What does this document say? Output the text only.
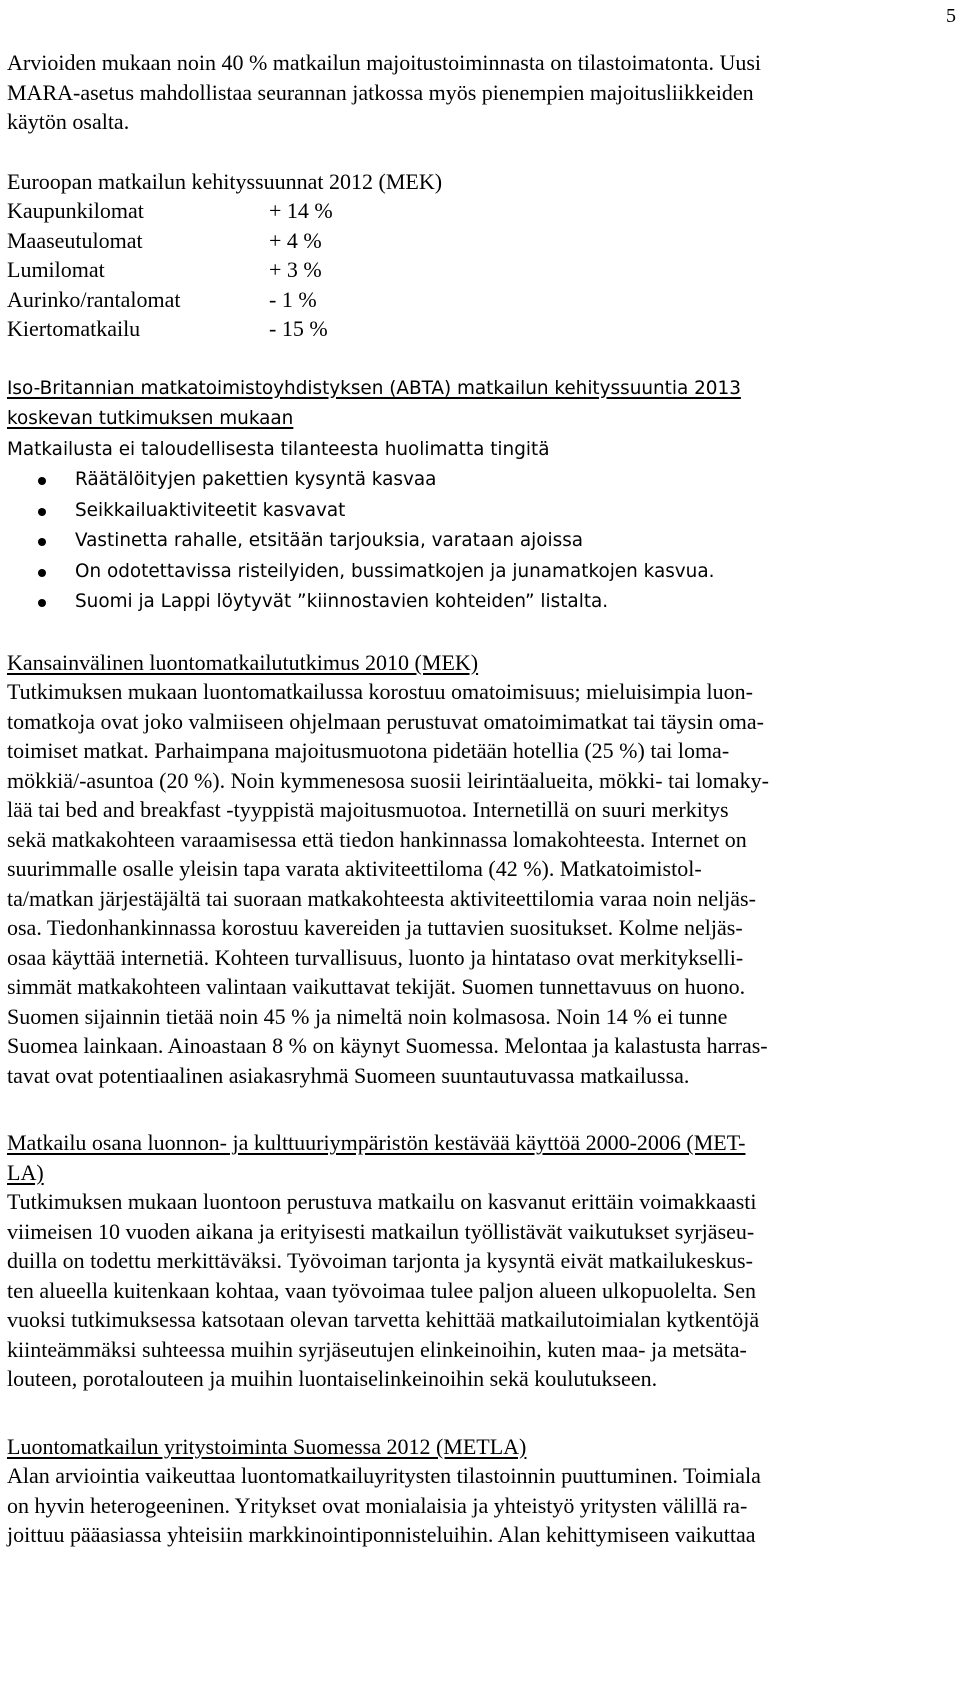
5
Arvioiden mukaan noin 40 % matkailun majoitustoiminnasta on tilastoimatonta. Uusi
MARA-asetus mahdollistaa seurannan jatkossa myös pienempien majoitusliikkeiden
käytön osalta.
Euroopan matkailun kehityssuunnat 2012 (MEK)
Kaupunkilomat	+ 14 %
Maaseutulomat	+ 4 %
Lumilomat	+ 3 %
Aurinko/rantalomat	- 1 %
Kiertomatkailu	- 15 %
Iso-Britannian matkatoimistoyhdistyksen (ABTA) matkailun kehityssuuntia 2013
koskevan tutkimuksen mukaan
Matkailusta ei taloudellisesta tilanteesta huolimatta tingitä
Räätälöityjen pakettien kysyntä kasvaa
Seikkailuaktiviteetit kasvavat
Vastinetta rahalle, etsitään tarjouksia, varataan ajoissa
On odotettavissa risteilyiden, bussimatkojen ja junamatkojen kasvua.
Suomi ja Lappi löytyvät ”kiinnostavien kohteiden” listalta.
Kansainvälinen luontomatkailututkimus 2010 (MEK)
Tutkimuksen mukaan luontomatkailussa korostuu omatoimisuus; mieluisimpia luon-
tomatkoja ovat joko valmiiseen ohjelmaan perustuvat omatoimimatkat tai täysin oma-
toimiset matkat. Parhaimpana majoitusmuotona pidetään hotellia (25 %) tai loma-
mökkiä/-asuntoa (20 %). Noin kymmenesosa suosii leirintäalueita, mökki- tai lomaky-
lää tai bed and breakfast -tyyppistä majoitusmuotoa. Internetillä on suuri merkitys
sekä matkakohteen varaamisessa että tiedon hankinnassa lomakohteesta. Internet on
suurimmalle osalle yleisin tapa varata aktiviteettiloma (42 %). Matkatoimistol-
ta/matkan järjestäjältä tai suoraan matkakohteesta aktiviteettilomia varaa noin neljäs-
osa. Tiedonhankinnassa korostuu kavereiden ja tuttavien suositukset. Kolme neljäs-
osaa käyttää internetiä. Kohteen turvallisuus, luonto ja hintataso ovat merkitykselli-
simmät matkakohteen valintaan vaikuttavat tekijät. Suomen tunnettavuus on huono.
Suomen sijainnin tietää noin 45 % ja nimeltä noin kolmasosa. Noin 14 % ei tunne
Suomea lainkaan. Ainoastaan 8 % on käynyt Suomessa. Melontaa ja kalastusta harras-
tavat ovat potentiaalinen asiakasryhmä Suomeen suuntautuvassa matkailussa.
Matkailu osana luonnon- ja kulttuuriympäristön kestävää käyttöä 2000-2006 (MET-
LA)
Tutkimuksen mukaan luontoon perustuva matkailu on kasvanut erittäin voimakkaasti
viimeisen 10 vuoden aikana ja erityisesti matkailun työllistävät vaikutukset syrjäseu-
duilla on todettu merkittäväksi. Työvoiman tarjonta ja kysyntä eivät matkailukeskus-
ten alueella kuitenkaan kohtaa, vaan työvoimaa tulee paljon alueen ulkopuolelta. Sen
vuoksi tutkimuksessa katsotaan olevan tarvetta kehittää matkailutoimialan kytkentöjä
kiinteämmäksi suhteessa muihin syrjäseutujen elinkeinoihin, kuten maa- ja metsäta-
louteen, porotalouteen ja muihin luontaiselinkeinoihin sekä koulutukseen.
Luontomatkailun yritystoiminta Suomessa 2012 (METLA)
Alan arviointia vaikeuttaa luontomatkailuyritysten tilastoinnin puuttuminen. Toimiala
on hyvin heterogeeninen. Yritykset ovat monialaisia ja yhteistyö yritysten välillä ra-
joittuu pääasiassa yhteisiin markkinointiponnisteluihin. Alan kehittymiseen vaikuttaa
